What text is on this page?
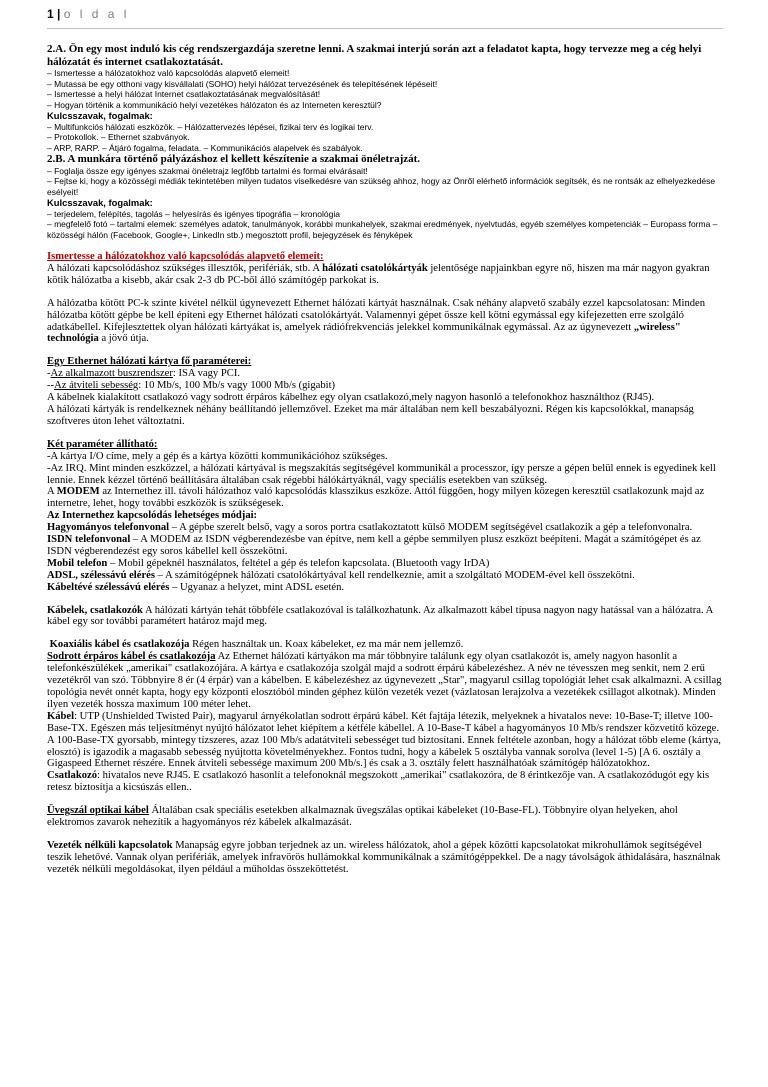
1 | o l d a l

2.A. Ön egy most induló kis cég rendszergazdája szeretne lenni. A szakmai interjú során azt a feladatot kapta, hogy tervezze meg a cég helyi hálózatát és internet csatlakoztatását.

– Ismertesse a hálózatokhoz való kapcsolódás alapvető elemeit!

– Mutassa be egy otthoni vagy kisvállalati (SOHO) helyi hálózat tervezésének és telepítésének lépéseit!

– Ismertesse a helyi hálózat Internet csatlakoztatásának megvalósítását!

– Hogyan történik a kommunikáció helyi vezetékes hálózaton és az Interneten keresztül?

Kulcsszavak, fogalmak:

– Multifunkciós hálózati eszközök. – Hálózattervezés lépései, fizikai terv és logikai terv.

– Protokollok. – Ethernet szabványok.

– ARP, RARP. – Átjáró fogalma, feladata. – Kommunikációs alapelvek és szabályok.

2.B. A munkára történő pályázáshoz el kellett készítenie a szakmai önéletrajzát.

– Foglalja össze egy igényes szakmai önéletrajz legfőbb tartalmi és formai elvárásait!

– Fejtse ki, hogy a közösségi médiák tekintetében milyen tudatos viselkedésre van szükség ahhoz, hogy az Önről elérhető információk segítsék, és ne rontsák az elhelyezkedése esélyeit!

Kulcsszavak, fogalmak:

– terjedelem, felépítés, tagolás – helyesírás és igényes tipográfia – kronológia

– megfelelő fotó – tartalmi elemek: személyes adatok, tanulmányok, korábbi munkahelyek, szakmai eredmények, nyelvtudás, egyéb személyes kompetenciák – Europass forma – közösségi hálón (Facebook, Google+, LinkedIn stb.) megosztott profil, bejegyzések és fényképek

Ismertesse a hálózatokhoz való kapcsolódás alapvető elemeit:

A hálózati kapcsolódáshoz szükséges illesztők, perifériák, stb. A hálózati csatolókártyák jelentősége napjainkban egyre nő, hiszen ma már nagyon gyakran kötik hálózatba a kisebb, akár csak 2-3 db PC-ből álló számítógép parkokat is.

A hálózatba kötött PC-k szinte kivétel nélkül úgynevezett Ethernet hálózati kártyát használnak. Csak néhány alapvető szabály ezzel kapcsolatosan: Minden hálózatba kötött gépbe be kell építeni egy Ethernet hálózati csatolókártyát. Valamennyi gépet össze kell kötni egymással egy kifejezetten erre szolgáló adatkábellel. Kifejlesztettek olyan hálózati kártyákat is, amelyek rádiófrekvenciás jelekkel kommunikálnak egymással. Az az úgynevezett „wireless" technológia a jövő útja.

Egy Ethernet hálózati kártya fő paraméterei:

-Az alkalmazott buszrendszer: ISA vagy PCI.

--Az átviteli sebesség: 10 Mb/s, 100 Mb/s vagy 1000 Mb/s (gigabit)

A kábelnek kialakított csatlakozó vagy sodrott érpáros kábelhez egy olyan csatlakozó,mely nagyon hasonló a telefonokhoz használthoz (RJ45).

A hálózati kártyák is rendelkeznek néhány beállítandó jellemzővel. Ezeket ma már általában nem kell beszabályozni. Régen kis kapcsolókkal, manapság szoftveres úton lehet változtatni.

Két paraméter állítható:

-A kártya I/O címe, mely a gép és a kártya közötti kommunikációhoz szükséges.

-Az IRQ. Mint minden eszközzel, a hálózati kártyával is megszakítás segítségével kommunikál a processzor, így persze a gépen belül ennek is egyedinek kell lennie. Ennek kézzel történő beállítására általában csak régebbi hálókártyáknál, vagy speciális esetekben van szükség.

A MODEM az Internethez ill. távoli hálózathoz való kapcsolódás klasszikus eszköze. Attól függően, hogy milyen közegen keresztül csatlakozunk majd az internetre, lehet, hogy további eszközök is szükségesek.

Az Internethez kapcsolódás lehetséges módjai:

Hagyományos telefonvonal – A gépbe szerelt belső, vagy a soros portra csatlakoztatott külső MODEM segítségével csatlakozik a gép a telefonvonalra.

ISDN telefonvonal – A MODEM az ISDN végberendezésbe van építve, nem kell a gépbe semmilyen plusz eszközt beépíteni. Magát a számítógépet és az ISDN végberendezést egy soros kábellel kell összekötni.

Mobil telefon – Mobil gépeknél használatos, feltétel a gép és telefon kapcsolata. (Bluetooth vagy IrDA)

ADSL, szélessávú elérés – A számítógépnek hálózati csatolókártyával kell rendelkeznie, amit a szolgáltató MODEM-ével kell összekötni.

Kábeltévé szélessávú elérés – Ugyanaz a helyzet, mint ADSL esetén.

Kábelek, csatlakozók A hálózati kártyán tehát többféle csatlakozóval is találkozhatunk. Az alkalmazott kábel típusa nagyon nagy hatással van a hálózatra. A kábel egy sor további paramétert határoz majd meg.

Koaxiális kábel és csatlakozója Régen használtak un. Koax kábeleket, ez ma már nem jellemző.

Sodrott érpáros kábel és csatlakozója Az Ethernet hálózati kártyákon ma már többnyire találunk egy olyan csatlakozót is, amely nagyon hasonlít a telefonkészülékek „amerikai" csatlakozójára. A kártya e csatlakozója szolgál majd a sodrott érpárú kábelezéshez. A név ne tévesszen meg senkit, nem 2 erű vezetékről van szó. Többnyire 8 ér (4 érpár) van a kábelben. E kábelezéshez az úgynevezett „Star", magyarul csillag topológiát lehet csak alkalmazni. A csillag topológia nevét onnét kapta, hogy egy központi elosztóból minden géphez külön vezeték vezet (vázlatosan lerajzolva a vezetékek csillagot alkotnak). Minden ilyen vezeték hossza maximum 100 méter lehet.

Kábel: UTP (Unshielded Twisted Pair), magyarul árnyékolatlan sodrott érpárú kábel. Két fajtája létezik, melyeknek a hivatalos neve: 10-Base-T; illetve 100-Base-TX. Egészen más teljesítményt nyújtó hálózatot lehet kiépítem a kétféle kábellel. A 10-Base-T kábel a hagyományos 10 Mb/s rendszer közvetítő közege. A 100-Base-TX gyorsabb, mintegy tízszeres, azaz 100 Mb/s adatátviteli sebességet tud biztosítani. Ennek feltétele azonban, hogy a hálózat több eleme (kártya, elosztó) is igazodik a magasabb sebesség nyújtotta követelményekhez. Fontos tudni, hogy a kábelek 5 osztályba vannak sorolva (level 1-5) [A 6. osztály a Gigaspeed Ethernet részére. Ennek átviteli sebessége maximum 200 Mb/s.] és csak a 3. osztály felett használhatóak számítógép hálózatokhoz.

Csatlakozó: hivatalos neve RJ45. E csatlakozó hasonlít a telefonoknál megszokott „amerikai" csatlakozóra, de 8 érintkezője van. A csatlakozódugót egy kis retesz biztosítja a kicsúszás ellen..

Üvegszál optikai kábel Általában csak speciális esetekben alkalmaznak üvegszálas optikai kábeleket (10-Base-FL). Többnyire olyan helyeken, ahol elektromos zavarok nehezítik a hagyományos réz kábelek alkalmazását.

Vezeték nélküli kapcsolatok Manapság egyre jobban terjednek az un. wireless hálózatok, ahol a gépek közötti kapcsolatokat mikrohullámok segítségével teszik lehetővé. Vannak olyan perifériák, amelyek infravörös hullámokkal kommunikálnak a számítógéppekkel. De a nagy távolságok áthidalására, használnak vezeték nélküli megoldásokat, ilyen például a műholdas összeköttetést.
